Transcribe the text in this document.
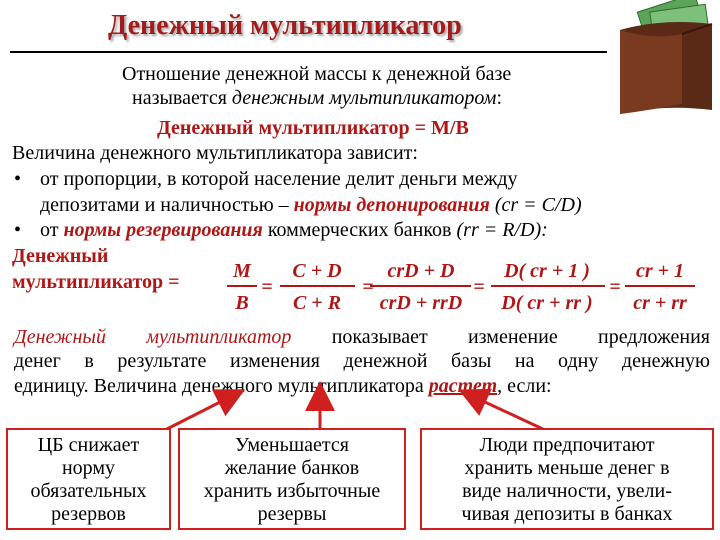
Денежный мультипликатор
Отношение денежной массы к денежной базе
называется денежным мультипликатором:
Денежный мультипликатор = M/B
Величина денежного мультипликатора зависит:
• от пропорции, в которой население делит деньги между
депозитами и наличностью – нормы депонирования (cr = C/D)
• от нормы резервирования коммерческих банков (rr = R/D):
Денежный
мультипликатор =	M
B
=
C + D
C + R
=
crD + D
crD + rrD
=
D( cr + 1 )
D( cr + rr )
=
cr + 1
cr + rr
Денежный мультипликатор показывает изменение предложения
денег в результате изменения денежной базы на одну денежную
единицу. Величина денежного мультипликатора растет, если:
ЦБ снижает
норму
обязательных
резервов
Уменьшается
желание банков
хранить избыточные
резервы
Люди предпочитают
хранить меньше денег в
виде наличности, увели-
чивая депозиты в банках
